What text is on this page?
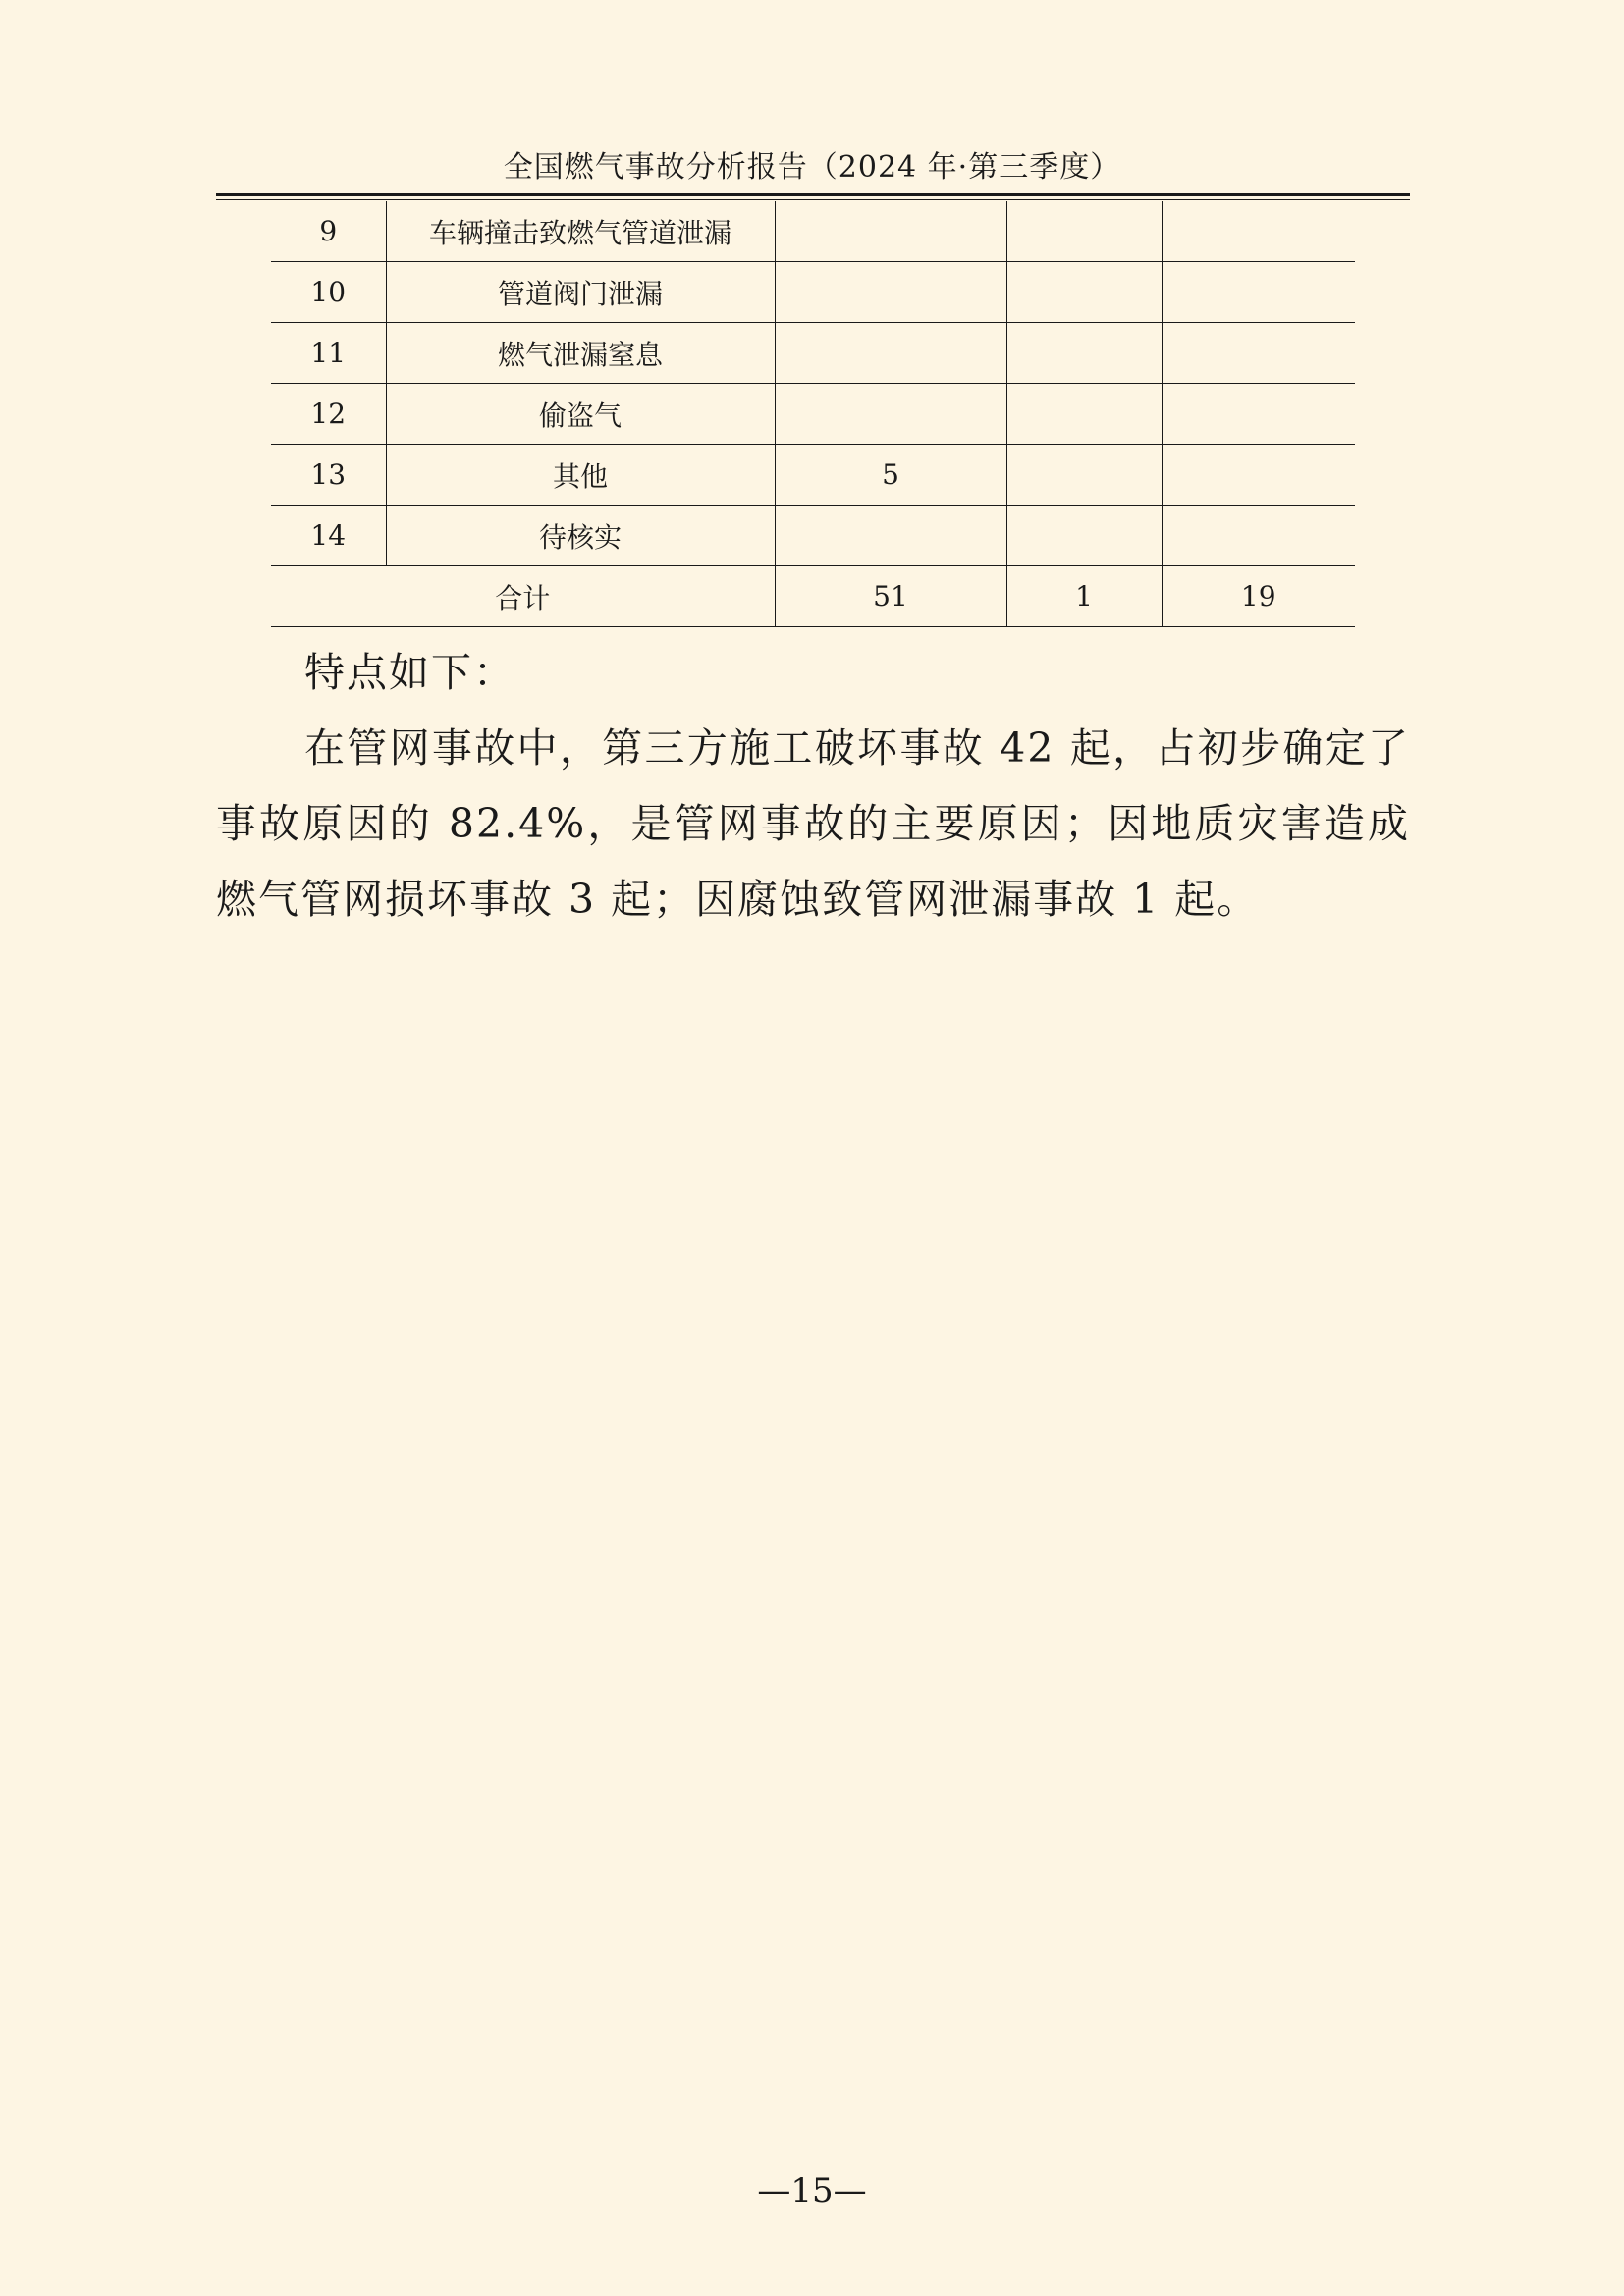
全国燃气事故分析报告（2024 年·第三季度）
9	车辆撞击致燃气管道泄漏			
10	管道阀门泄漏			
11	燃气泄漏窒息			
12	偷盗气			
13	其他	5		
14	待核实			
合计		51	1	19
特点如下：
在管网事故中，第三方施工破坏事故 42 起，占初步确定了事故原因的 82.4%，是管网事故的主要原因；因地质灾害造成燃气管网损坏事故 3 起；因腐蚀致管网泄漏事故 1 起。
—15—
